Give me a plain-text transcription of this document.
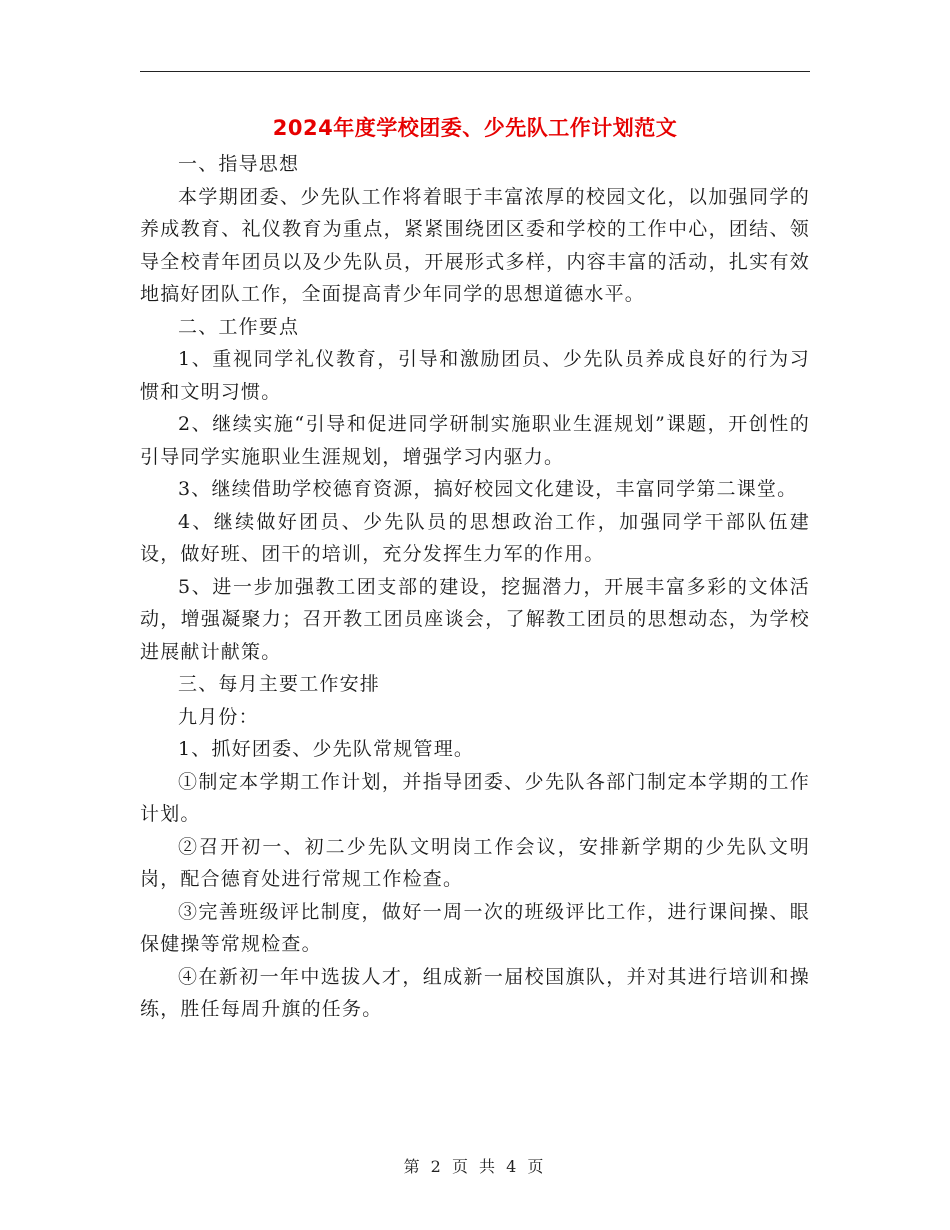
2024年度学校团委、少先队工作计划范文

一、指导思想

本学期团委、少先队工作将着眼于丰富浓厚的校园文化，以加强同学的养成教育、礼仪教育为重点，紧紧围绕团区委和学校的工作中心，团结、领导全校青年团员以及少先队员，开展形式多样，内容丰富的活动，扎实有效地搞好团队工作，全面提高青少年同学的思想道德水平。

二、工作要点

1、重视同学礼仪教育，引导和激励团员、少先队员养成良好的行为习惯和文明习惯。

2、继续实施“引导和促进同学研制实施职业生涯规划”课题，开创性的引导同学实施职业生涯规划，增强学习内驱力。

3、继续借助学校德育资源，搞好校园文化建设，丰富同学第二课堂。

4、继续做好团员、少先队员的思想政治工作，加强同学干部队伍建设，做好班、团干的培训，充分发挥生力军的作用。

5、进一步加强教工团支部的建设，挖掘潜力，开展丰富多彩的文体活动，增强凝聚力；召开教工团员座谈会，了解教工团员的思想动态，为学校进展献计献策。

三、每月主要工作安排

九月份：

1、抓好团委、少先队常规管理。

①制定本学期工作计划，并指导团委、少先队各部门制定本学期的工作计划。

②召开初一、初二少先队文明岗工作会议，安排新学期的少先队文明岗，配合德育处进行常规工作检查。

③完善班级评比制度，做好一周一次的班级评比工作，进行课间操、眼保健操等常规检查。

④在新初一年中选拔人才，组成新一届校国旗队，并对其进行培训和操练，胜任每周升旗的任务。

第 2 页 共 4 页
